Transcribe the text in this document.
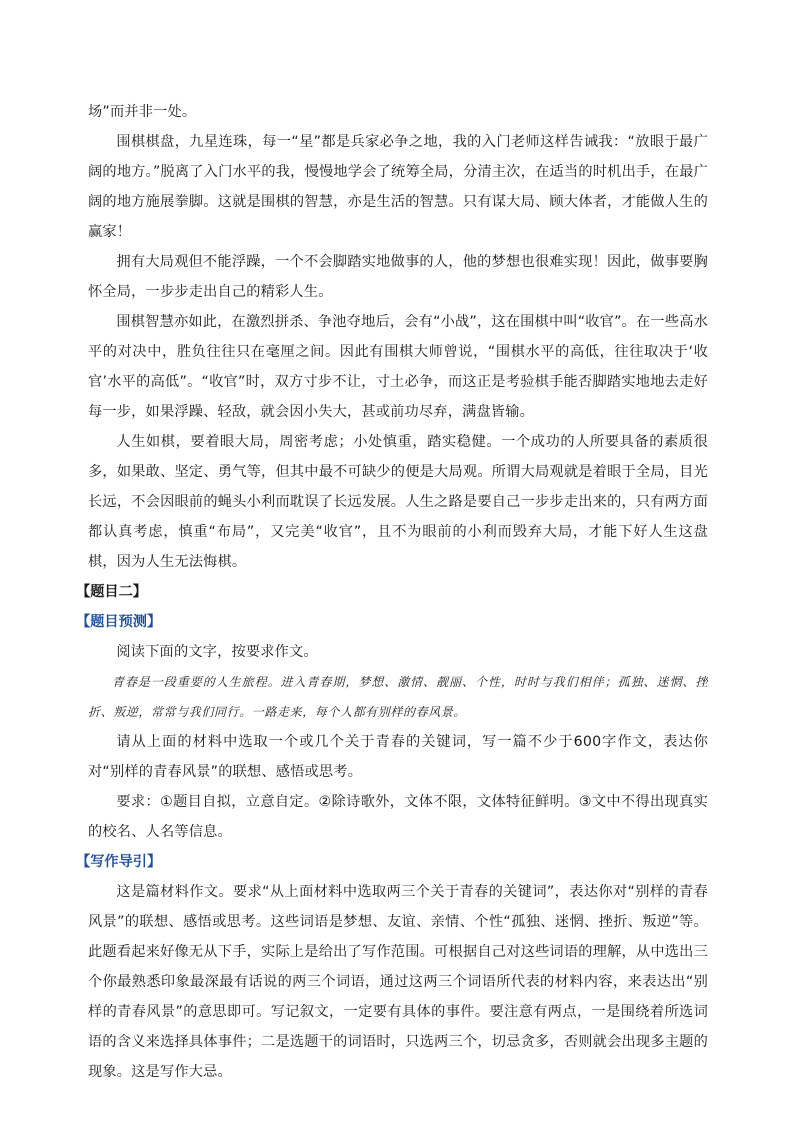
场”而并非一处。

围棋棋盘，九星连珠，每一“星”都是兵家必争之地，我的入门老师这样告诫我：“放眼于最广阔的地方。”脱离了入门水平的我，慢慢地学会了统筹全局，分清主次，在适当的时机出手，在最广阔的地方施展拳脚。这就是围棋的智慧，亦是生活的智慧。只有谋大局、顾大体者，才能做人生的赢家！

拥有大局观但不能浮躁，一个不会脚踏实地做事的人，他的梦想也很难实现！因此，做事要胸怀全局，一步步走出自己的精彩人生。

围棋智慧亦如此，在激烈拼杀、争池夺地后，会有“小战”，这在围棋中叫“收官”。在一些高水平的对决中，胜负往往只在毫厘之间。因此有围棋大师曾说，“围棋水平的高低，往往取决于‘收官’水平的高低”。“收官”时，双方寸步不让，寸土必争，而这正是考验棋手能否脚踏实地地去走好每一步，如果浮躁、轻敌，就会因小失大，甚或前功尽弃，满盘皆输。

人生如棋，要着眼大局，周密考虑；小处慎重，踏实稳健。一个成功的人所要具备的素质很多，如果敢、坚定、勇气等，但其中最不可缺少的便是大局观。所谓大局观就是着眼于全局，目光长远，不会因眼前的蝇头小利而耽误了长远发展。人生之路是要自己一步步走出来的，只有两方面都认真考虑，慎重“布局”，又完美“收官”，且不为眼前的小利而毁弃大局，才能下好人生这盘棋，因为人生无法悔棋。

【题目二】
【题目预测】

阅读下面的文字，按要求作文。

青春是一段重要的人生旅程。进入青春期，梦想、激情、靓丽、个性，时时与我们相伴；孤独、迷惘、挫折、叛逆，常常与我们同行。一路走来，每个人都有别样的春风景。

请从上面的材料中选取一个或几个关于青春的关键词，写一篇不少于600字作文，表达你对“别样的青春风景”的联想、感悟或思考。

要求：①题目自拟，立意自定。②除诗歌外，文体不限，文体特征鲜明。③文中不得出现真实的校名、人名等信息。

【写作导引】

这是篇材料作文。要求“从上面材料中选取两三个关于青春的关键词”，表达你对“别样的青春风景”的联想、感悟或思考。这些词语是梦想、友谊、亲情、个性“孤独、迷惘、挫折、叛逆”等。此题看起来好像无从下手，实际上是给出了写作范围。可根据自己对这些词语的理解，从中选出三个你最熟悉印象最深最有话说的两三个词语，通过这两三个词语所代表的材料内容，来表达出“别样的青春风景”的意思即可。写记叙文，一定要有具体的事件。要注意有两点，一是围绕着所选词语的含义来选择具体事件；二是选题干的词语时，只选两三个，切忌贪多，否则就会出现多主题的现象。这是写作大忌。
